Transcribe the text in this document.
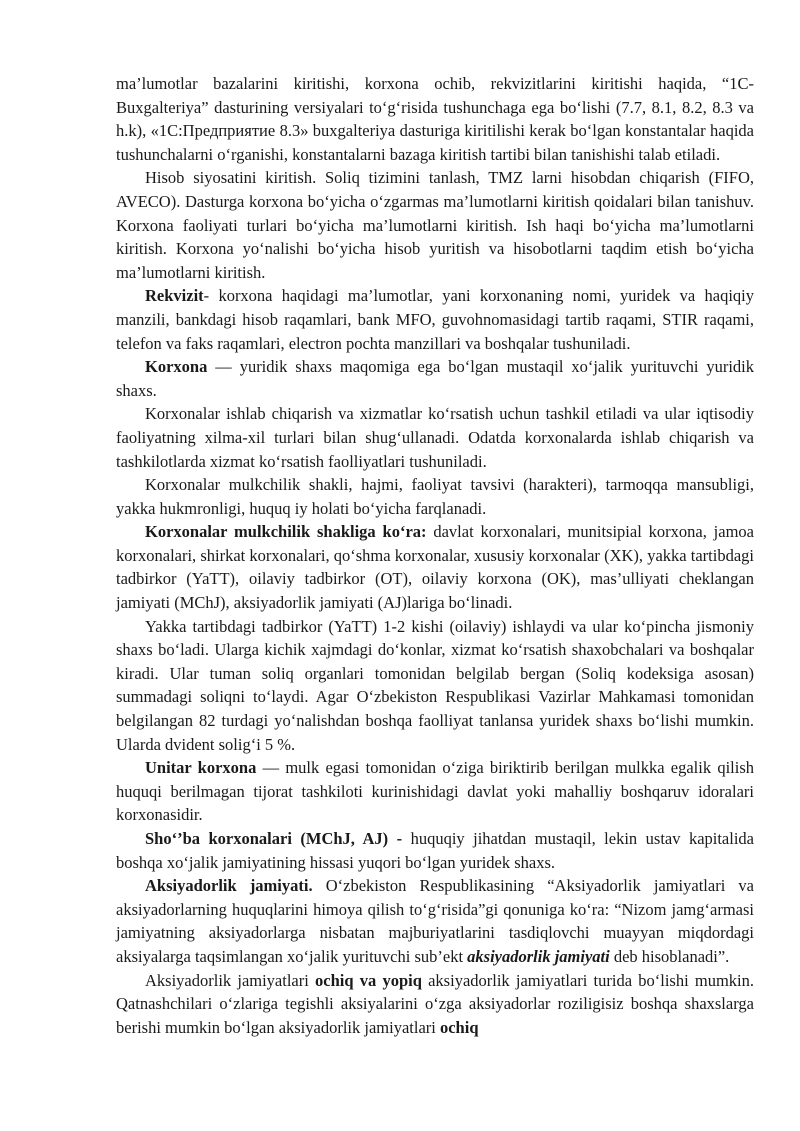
ma’lumotlar bazalarini kiritishi, korxona ochib, rekvizitlarini kiritishi haqida, “1C-Buxgalteriya” dasturining versiyalari to‘g‘risida tushunchaga ega bo‘lishi (7.7, 8.1, 8.2, 8.3 va h.k), «1С:Предприятие 8.3» buxgalteriya dasturiga kiritilishi kerak bo‘lgan konstantalar haqida tushunchalarni o‘rganishi, konstantalarni bazaga kiritish tartibi bilan tanishishi talab etiladi.

Hisob siyosatini kiritish. Soliq tizimini tanlash, TMZ larni hisobdan chiqarish (FIFO, AVECO). Dasturga korxona bo‘yicha o‘zgarmas ma’lumotlarni kiritish qoidalari bilan tanishuv. Korxona faoliyati turlari bo‘yicha ma’lumotlarni kiritish. Ish haqi bo‘yicha ma’lumotlarni kiritish. Korxona yo‘nalishi bo‘yicha hisob yuritish va hisobotlarni taqdim etish bo‘yicha ma’lumotlarni kiritish.

Rekvizit- korxona haqidagi ma’lumotlar, yani korxonaning nomi, yuridek va haqiqiy manzili, bankdagi hisob raqamlari, bank MFO, guvohnomasidagi tartib raqami, STIR raqami, telefon va faks raqamlari, electron pochta manzillari va boshqalar tushuniladi.

Korxona — yuridik shaxs maqomiga ega bo‘lgan mustaqil xo‘jalik yurituvchi yuridik shaxs.

Korxonalar ishlab chiqarish va xizmatlar ko‘rsatish uchun tashkil etiladi va ular iqtisodiy faoliyatning xilma-xil turlari bilan shug‘ullanadi. Odatda korxonalarda ishlab chiqarish va tashkilotlarda xizmat ko‘rsatish faolliyatlari tushuniladi.

Korxonalar mulkchilik shakli, hajmi, faoliyat tavsivi (harakteri), tarmoqqa mansubligi, yakka hukmronligi, huquq iy holati bo‘yicha farqlanadi.

Korxonalar mulkchilik shakliga ko‘ra: davlat korxonalari, munitsipial korxona, jamoa korxonalari, shirkat korxonalari, qo‘shma korxonalar, xususiy korxonalar (XK), yakka tartibdagi tadbirkor (YaTT), oilaviy tadbirkor (OT), oilaviy korxona (OK), mas’ulliyati cheklangan jamiyati (MChJ), aksiyadorlik jamiyati (AJ)lariga bo‘linadi.

Yakka tartibdagi tadbirkor (YaTT) 1-2 kishi (oilaviy) ishlaydi va ular ko‘pincha jismoniy shaxs bo‘ladi. Ularga kichik xajmdagi do‘konlar, xizmat ko‘rsatish shaxobchalari va boshqalar kiradi. Ular tuman soliq organlari tomonidan belgilab bergan (Soliq kodeksiga asosan) summadagi soliqni to‘laydi. Agar O‘zbekiston Respublikasi Vazirlar Mahkamasi tomonidan belgilangan 82 turdagi yo‘nalishdan boshqa faolliyat tanlansa yuridek shaxs bo‘lishi mumkin. Ularda dvident solig‘i 5 %.

Unitar korxona — mulk egasi tomonidan o‘ziga biriktirib berilgan mulkka egalik qilish huquqi berilmagan tijorat tashkiloti kurinishidagi davlat yoki mahalliy boshqaruv idoralari korxonasidir.

Sho‘’ba korxonalari (MChJ, AJ) - huquqiy jihatdan mustaqil, lekin ustav kapitalida boshqa xo‘jalik jamiyatining hissasi yuqori bo‘lgan yuridek shaxs.

Aksiyadorlik jamiyati. O‘zbekiston Respublikasining “Aksiyadorlik jamiyatlari va aksiyadorlarning huquqlarini himoya qilish to‘g‘risida”gi qonuniga ko‘ra: “Nizom jamg‘armasi jamiyatning aksiyadorlarga nisbatan majburiyatlarini tasdiqlovchi muayyan miqdordagi aksiyalarga taqsimlangan xo‘jalik yurituvchi sub’ekt aksiyadorlik jamiyati deb hisoblanadi”.

Aksiyadorlik jamiyatlari ochiq va yopiq aksiyadorlik jamiyatlari turida bo‘lishi mumkin. Qatnashchilari o‘zlariga tegishli aksiyalarini o‘zga aksiyadorlar roziligisiz boshqa shaxslarga berishi mumkin bo‘lgan aksiyadorlik jamiyatlari ochiq
